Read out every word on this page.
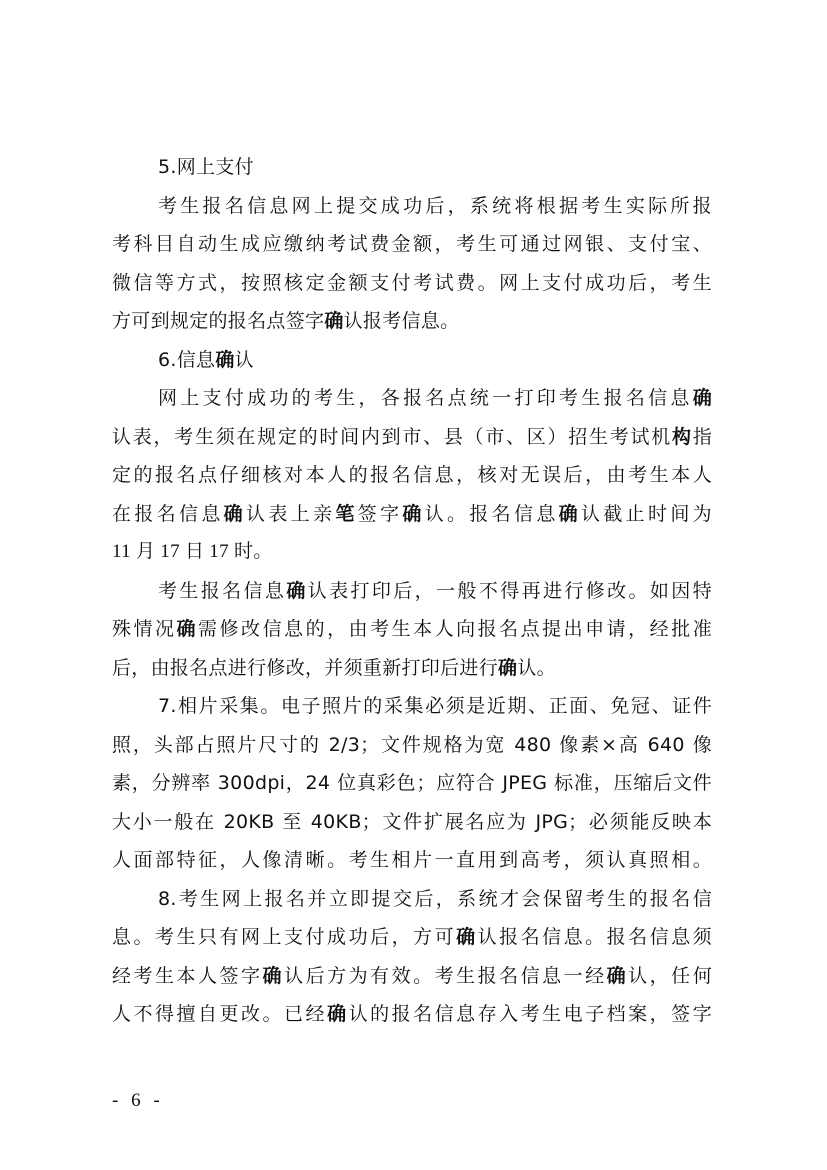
5.网上支付
考生报名信息网上提交成功后，系统将根据考生实际所报
考科目自动生成应缴纳考试费金额，考生可通过网银、支付宝、
微信等方式，按照核定金额支付考试费。网上支付成功后，考生
方可到规定的报名点签字确认报考信息。
6.信息确认
网上支付成功的考生，各报名点统一打印考生报名信息确
认表，考生须在规定的时间内到市、县（市、区）招生考试机构指
定的报名点仔细核对本人的报名信息，核对无误后，由考生本人
在报名信息确认表上亲笔签字确认。报名信息确认截止时间为
11 月 17 日 17 时。
考生报名信息确认表打印后，一般不得再进行修改。如因特
殊情况确需修改信息的，由考生本人向报名点提出申请，经批准
后，由报名点进行修改，并须重新打印后进行确认。
7.相片采集。电子照片的采集必须是近期、正面、免冠、证件
照，头部占照片尺寸的 2/3；文件规格为宽 480 像素×高 640 像
素，分辨率 300dpi，24 位真彩色；应符合 JPEG 标准，压缩后文件
大小一般在 20KB 至 40KB；文件扩展名应为 JPG；必须能反映本
人面部特征，人像清晰。考生相片一直用到高考，须认真照相。
8.考生网上报名并立即提交后，系统才会保留考生的报名信
息。考生只有网上支付成功后，方可确认报名信息。报名信息须
经考生本人签字确认后方为有效。考生报名信息一经确认，任何
人不得擅自更改。已经确认的报名信息存入考生电子档案，签字
- 6 -
